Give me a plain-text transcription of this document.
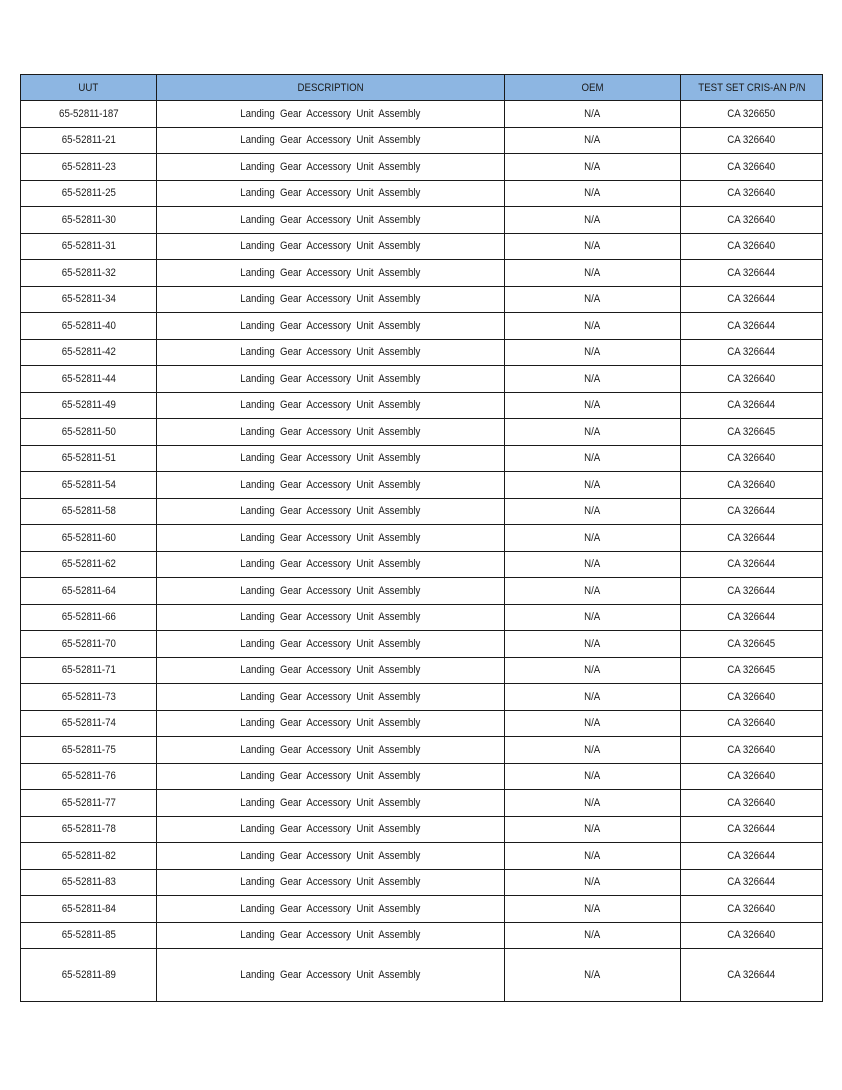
UUT	DESCRIPTION	OEM	TEST SET CRIS-AN P/N
65-52811-187	Landing Gear Accessory Unit Assembly	N/A	CA 326650
65-52811-21	Landing Gear Accessory Unit Assembly	N/A	CA 326640
65-52811-23	Landing Gear Accessory Unit Assembly	N/A	CA 326640
65-52811-25	Landing Gear Accessory Unit Assembly	N/A	CA 326640
65-52811-30	Landing Gear Accessory Unit Assembly	N/A	CA 326640
65-52811-31	Landing Gear Accessory Unit Assembly	N/A	CA 326640
65-52811-32	Landing Gear Accessory Unit Assembly	N/A	CA 326644
65-52811-34	Landing Gear Accessory Unit Assembly	N/A	CA 326644
65-52811-40	Landing Gear Accessory Unit Assembly	N/A	CA 326644
65-52811-42	Landing Gear Accessory Unit Assembly	N/A	CA 326644
65-52811-44	Landing Gear Accessory Unit Assembly	N/A	CA 326640
65-52811-49	Landing Gear Accessory Unit Assembly	N/A	CA 326644
65-52811-50	Landing Gear Accessory Unit Assembly	N/A	CA 326645
65-52811-51	Landing Gear Accessory Unit Assembly	N/A	CA 326640
65-52811-54	Landing Gear Accessory Unit Assembly	N/A	CA 326640
65-52811-58	Landing Gear Accessory Unit Assembly	N/A	CA 326644
65-52811-60	Landing Gear Accessory Unit Assembly	N/A	CA 326644
65-52811-62	Landing Gear Accessory Unit Assembly	N/A	CA 326644
65-52811-64	Landing Gear Accessory Unit Assembly	N/A	CA 326644
65-52811-66	Landing Gear Accessory Unit Assembly	N/A	CA 326644
65-52811-70	Landing Gear Accessory Unit Assembly	N/A	CA 326645
65-52811-71	Landing Gear Accessory Unit Assembly	N/A	CA 326645
65-52811-73	Landing Gear Accessory Unit Assembly	N/A	CA 326640
65-52811-74	Landing Gear Accessory Unit Assembly	N/A	CA 326640
65-52811-75	Landing Gear Accessory Unit Assembly	N/A	CA 326640
65-52811-76	Landing Gear Accessory Unit Assembly	N/A	CA 326640
65-52811-77	Landing Gear Accessory Unit Assembly	N/A	CA 326640
65-52811-78	Landing Gear Accessory Unit Assembly	N/A	CA 326644
65-52811-82	Landing Gear Accessory Unit Assembly	N/A	CA 326644
65-52811-83	Landing Gear Accessory Unit Assembly	N/A	CA 326644
65-52811-84	Landing Gear Accessory Unit Assembly	N/A	CA 326640
65-52811-85	Landing Gear Accessory Unit Assembly	N/A	CA 326640
65-52811-89	Landing Gear Accessory Unit Assembly	N/A	CA 326644
